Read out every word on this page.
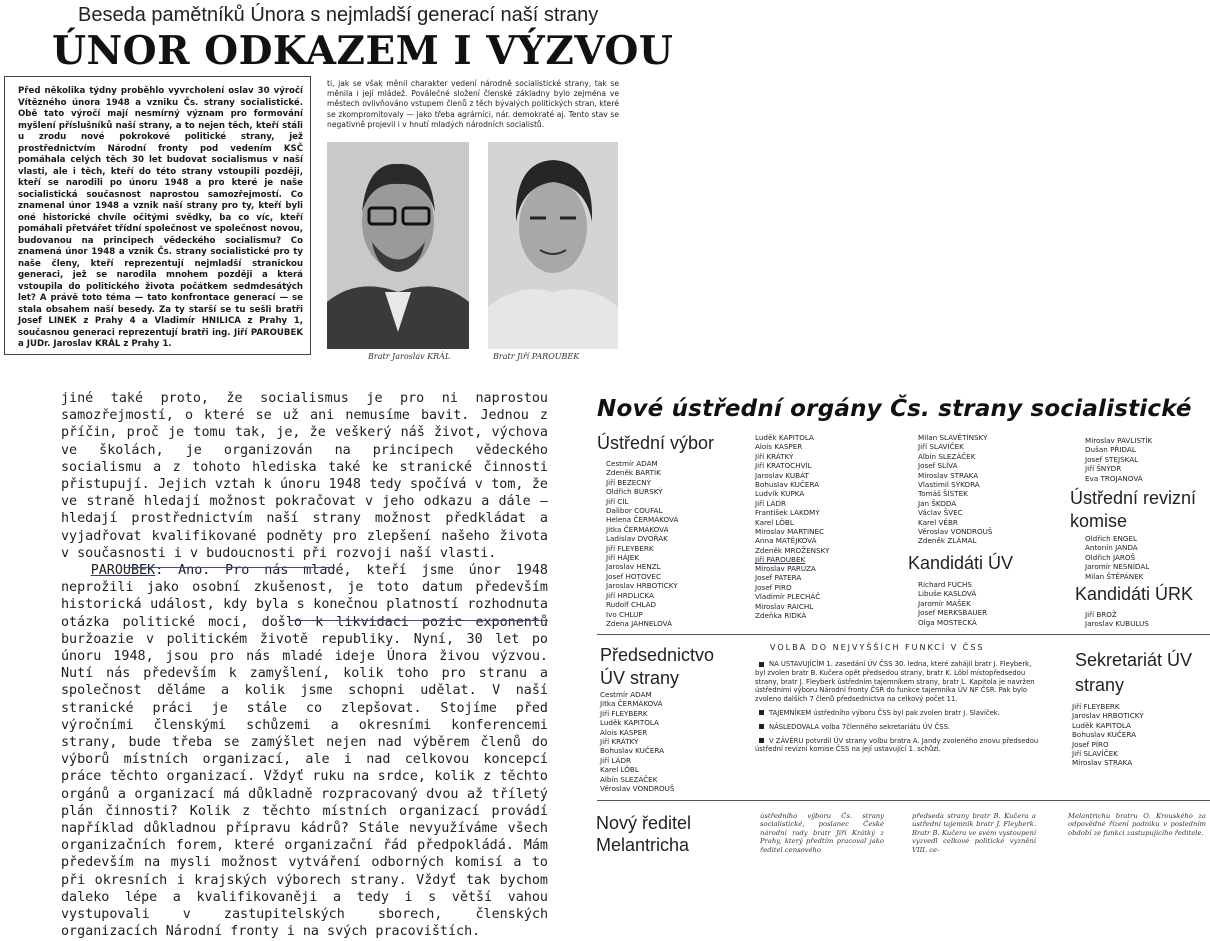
Beseda pamětníků Února s nejmladší generací naší strany
ÚNOR ODKAZEM I VÝZVOU

Před několika týdny proběhlo vyvrcholení oslav 30 výročí Vítězného února 1948 a vzniku Čs. strany socialistické. Obě tato výročí mají nesmírný význam pro formování myšlení příslušníků naší strany, a to nejen těch, kteří stáli u zrodu nové pokrokové politické strany, jež prostřednictvím Národní fronty pod vedením KSČ pomáhala celých těch 30 let budovat socialismus v naší vlasti, ale i těch, kteří do této strany vstoupili později, kteří se narodili po únoru 1948 a pro které je naše socialistická současnost naprostou samozřejmostí. Co znamenal únor 1948 a vznik naší strany pro ty, kteří byli oné historické chvíle očitými svědky, ba co víc, kteří pomáhali přetvářet třídní společnost ve společnost novou, budovanou na principech vědeckého socialismu? Co znamená únor 1948 a vznik Čs. strany socialistické pro ty naše členy, kteří reprezentují nejmladší stranickou generaci, jež se narodila mnohem později a která vstoupila do politického života počátkem sedmdesátých let? A právě toto téma — tato konfrontace generací — se stala obsahem naší besedy. Za ty starší se tu sešli bratři Josef LINEK z Prahy 4 a Vladimír HNILICA z Prahy 1, současnou generaci reprezentují bratři ing. Jiří PAROUBEK a JUDr. Jaroslav KRÁL z Prahy 1.

ti, jak se však měnil charakter vedení národně socialistické strany, tak se měnila i její mládež. Poválečné složení členské základny bylo zejména ve městech ovlivňováno vstupem členů z těch bývalých politických stran, které se zkompromitovaly — jako třeba agrárníci, nár. demokraté aj. Tento stav se negativně projevil i v hnutí mladých národních socialistů.

Bratr Jaroslav KRÁL	Bratr Jiří PAROUBEK

jiné také proto, že socialismus je pro ni naprostou samozřejmostí, o které se už ani nemusíme bavit. Jednou z příčin, proč je tomu tak, je, že veškerý náš život, výchova ve školách, je organizován na principech vědeckého socialismu a z tohoto hlediska také ke stranické činnosti přistupují. Jejich vztah k únoru 1948 tedy spočívá v tom, že ve straně hledají možnost pokračovat v jeho odkazu a dále — hledají prostřednictvím naší strany možnost předkládat a vyjadřovat kvalifikované podněty pro zlepšení našeho života v současnosti i v budoucnosti při rozvoji naší vlasti.
PAROUBEK: Ano. Pro nás mladé, kteří jsme únor 1948 neprožili jako osobní zkušenost, je toto datum především historická událost, kdy byla s konečnou platností rozhodnuta otázka politické moci, došlo k likvidaci pozic exponentů buržoazie v politickém životě republiky. Nyní, 30 let po únoru 1948, jsou pro nás mladé ideje Února živou výzvou. Nutí nás především k zamyšlení, kolik toho pro stranu a společnost děláme a kolik jsme schopni udělat. V naší stranické práci je stále co zlepšovat. Stojíme před výročními členskými schůzemi a okresními konferencemi strany, bude třeba se zamýšlet nejen nad výběrem členů do výborů místních organizací, ale i nad celkovou koncepcí práce těchto organizací. Vždyť ruku na srdce, kolik z těchto orgánů a organizací má důkladně rozpracovaný dvou až tříletý plán činnosti? Kolik z těchto místních organizací provádí například důkladnou přípravu kádrů? Stále nevyužíváme všech organizačních forem, které organizační řád předpokládá. Mám především na mysli možnost vytváření odborných komisí a to při okresních i krajských výborech strany. Vždyť tak bychom daleko lépe a kvalifikovaněji a tedy i s větší vahou vystupovali v zastupitelských sborech, členských organizacích Národní fronty i na svých pracovištích.

Nové ústřední orgány Čs. strany socialistické
Ústřední výbor
Cestmír ADAM
Zdeněk BARTÍK
Jiří BEZECNÝ
Oldřich BURSKÝ
Jiří CÍL
Dalibor COUFAL
Helena ČERMÁKOVÁ
Jitka ČERMÁKOVÁ
Ladislav DVOŘÁK
Jiří FLEYBERK
Jiří HÁJEK
Jaroslav HENZL
Josef HOTOVEC
Jaroslav HRBOTICKÝ
Jiří HRDLICKA
Rudolf CHLAD
Ivo CHLUP
Zdena JAHNELOVÁ
Luděk KAPITOLA
Alois KASPER
Jiří KRÁTKÝ
Jiří KRATOCHVÍL
Jaroslav KUBÁT
Bohuslav KUČERA
Ludvík KUPKA
Jiří LÁDR
František LAKOMÝ
Karel LÖBL
Miroslav MARTINEC
Anna MATĚJKOVÁ
Zdeněk MROŽENSKÝ
Jiří PAROUBEK
Miroslav PARUZA
Josef PATERA
Josef PÍRO
Vladimír PLECHÁČ
Miroslav RAICHL
Zdeňka RIDKÁ
Milan SLAVĚTÍNSKÝ
Jiří SLAVÍČEK
Albín SLEZÁČEK
Josef SLÍVA
Miroslav STRAKA
Vlastimil SÝKORA
Tomáš ŠÍSTEK
Jan ŠKODA
Václav ŠVEC
Karel VĚBR
Věroslav VONDROUŠ
Zdeněk ZLÁMAL
Miroslav PAVLISTÍK
Dušan PŘIDAL
Josef STEJSKAL
Jiří ŠNÝDR
Eva TROJANOVÁ
Kandidáti ÚV
Richard FUCHS
Libuše KASLOVÁ
Jaromír MAŠEK
Josef MERKSBAUER
Olga MOSTECKÁ
Ústřední revizní komise
Oldřich ENGEL
Antonín JANDA
Oldřich JAROŠ
Jaromír NESNÍDAL
Milan ŠTĚPÁNEK
Kandidáti ÚRK
Jiří BROŽ
Jaroslav KUBULUS
Předsednictvo ÚV strany
Cestmír ADAM
Jitka ČERMÁKOVÁ
Jiří FLEYBERK
Luděk KAPITOLA
Alois KASPER
Jiří KRÁTKÝ
Bohuslav KUČERA
Jiří LÁDR
Karel LÖBL
Albín SLEZÁČEK
Věroslav VONDROUŠ
VOLBA DO NEJVYŠŠÍCH FUNKCÍ V ČSS

NA USTAVUJÍCÍM 1. zasedání ÚV ČSS 30. ledna, které zahájil bratr J. Fleyberk, byl zvolen bratr B. Kučera opět předsedou strany, bratr K. Löbl místopředsedou strany, bratr J. Fleyberk ústředním tajemníkem strany, bratr L. Kapitola je navržen ústředními výboru Národní fronty ČSR do funkce tajemníka ÚV NF ČSR. Pak bylo zvoleno dalších 7 členů předsednictva na celkový počet 11.

TAJEMNÍKEM ústředního výboru ČSS byl pak zvolen bratr J. Slavíček.

NÁSLEDOVALA volba 7členného sekretariátu ÚV ČSS.

V ZÁVĚRU potvrdil ÚV stranу volbu bratra A. Jandy zvoleného znovu předsedou ústřední revizní komise ČSS na její ustavující 1. schůzi.

Sekretariát ÚV strany
Jiří FLEYBERK
Jaroslav HRBOTICKÝ
Luděk KAPITOLA
Bohuslav KUČERA
Josef PÍRO
Jiří SLAVÍČEK
Miroslav STRAKA
Nový ředitel Melantricha

ústředního výboru Čs. strany socialistické, poslanec České národní rady bratr Jiří Krátký z Prahy, který předtím pracoval jako ředitel censového

předsedа strany bratr B. Kučera a ústřední tajemník bratr J. Fleyberk. Bratr B. Kučera ve svém vystoupení vyzvedl celkové politické vyznění VIII. ce-

Melantrichu bratru O. Krouského za odpovědné řízení podniku v posledním období ze funkci zastupujícího ředitele.
